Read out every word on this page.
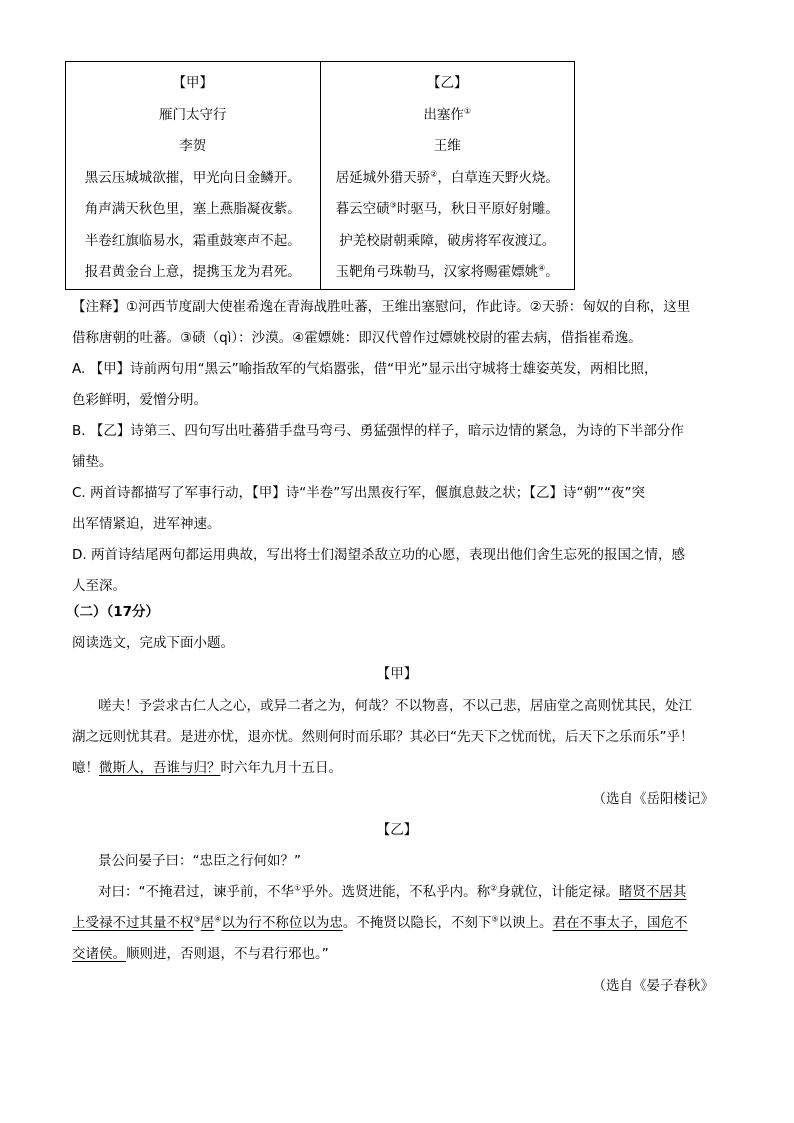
【甲】
雁门太守行
李贺
黑云压城城欲摧，甲光向日金鳞开。
角声满天秋色里，塞上燕脂凝夜紫。
半卷红旗临易水，霜重鼓寒声不起。
报君黄金台上意，提携玉龙为君死。

【乙】
出塞作①
王维
居延城外猎天骄②，白草连天野火烧。
暮云空碛③时驱马，秋日平原好射雕。
护羌校尉朝乘障，破虏将军夜渡辽。
玉靶角弓珠勒马，汉家将赐霍嫖姚④。
【注释】①河西节度副大使崔希逸在青海战胜吐蕃，王维出塞慰问，作此诗。②天骄：匈奴的自称，这里
借称唐朝的吐蕃。③碛（qì）：沙漠。④霍嫖姚：即汉代曾作过嫖姚校尉的霍去病，借指崔希逸。
A. 【甲】诗前两句用“黑云”喻指敌军的气焰嚣张，借“甲光”显示出守城将士雄姿英发，两相比照，
色彩鲜明，爱憎分明。
B. 【乙】诗第三、四句写出吐蕃猎手盘马弯弓、勇猛强悍的样子，暗示边情的紧急，为诗的下半部分作
铺垫。
C. 两首诗都描写了军事行动，【甲】诗“半卷”写出黑夜行军，偃旗息鼓之状；【乙】诗“朝”“夜”突
出军情紧迫，进军神速。
D. 两首诗结尾两句都运用典故，写出将士们渴望杀敌立功的心愿，表现出他们舍生忘死的报国之情，感
人至深。
（二）（17分）
阅读选文，完成下面小题。
【甲】
嗟夫！予尝求古仁人之心，或异二者之为，何哉？不以物喜，不以己悲，居庙堂之高则忧其民，处江
湖之远则忧其君。是进亦忧，退亦忧。然则何时而乐耶？其必曰“先天下之忧而忧，后天下之乐而乐”乎！
噫！微斯人，吾谁与归？时六年九月十五日。
（选自《岳阳楼记》
【乙】
景公问晏子曰：“忠臣之行何如？”
对曰：“不掩君过，谏乎前，不华①乎外。选贤进能，不私乎内。称②身就位，计能定禄。睹贤不居其
上受禄不过其量不权③居④以为行不称位以为忠。不掩贤以隐长，不刻下⑤以谀上。君在不事太子，国危不
交诸侯。顺则进，否则退，不与君行邪也。”
（选自《晏子春秋》
